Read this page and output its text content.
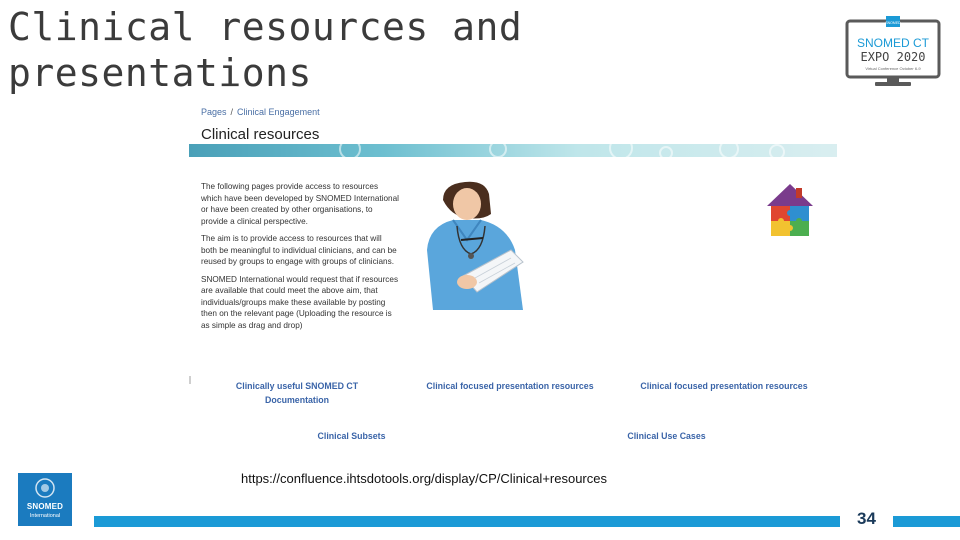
Clinical resources and
presentations
SNOMED
SNOMED CT
EXPO 2020
Virtual Conference October 6-9
Pages / Clinical Engagement
Clinical resources

The following pages provide access to resources which have been developed by SNOMED International or have been created by other organisations, to provide a clinical perspective.

The aim is to provide access to resources that will both be meaningful to individual clinicians, and can be reused by groups to engage with groups of clinicians.

SNOMED International would request that if resources are available that could meet the above aim, that individuals/groups make these available by posting then on the relevant page (Uploading the resource is as simple as drag and drop)

Clinically useful SNOMED CT Documentation
Clinical focused presentation resources	Clinical focused presentation resources
Clinical Subsets	Clinical Use Cases
https://confluence.ihtsdotools.org/display/CP/Clinical+resources
SNOMED
International	34
